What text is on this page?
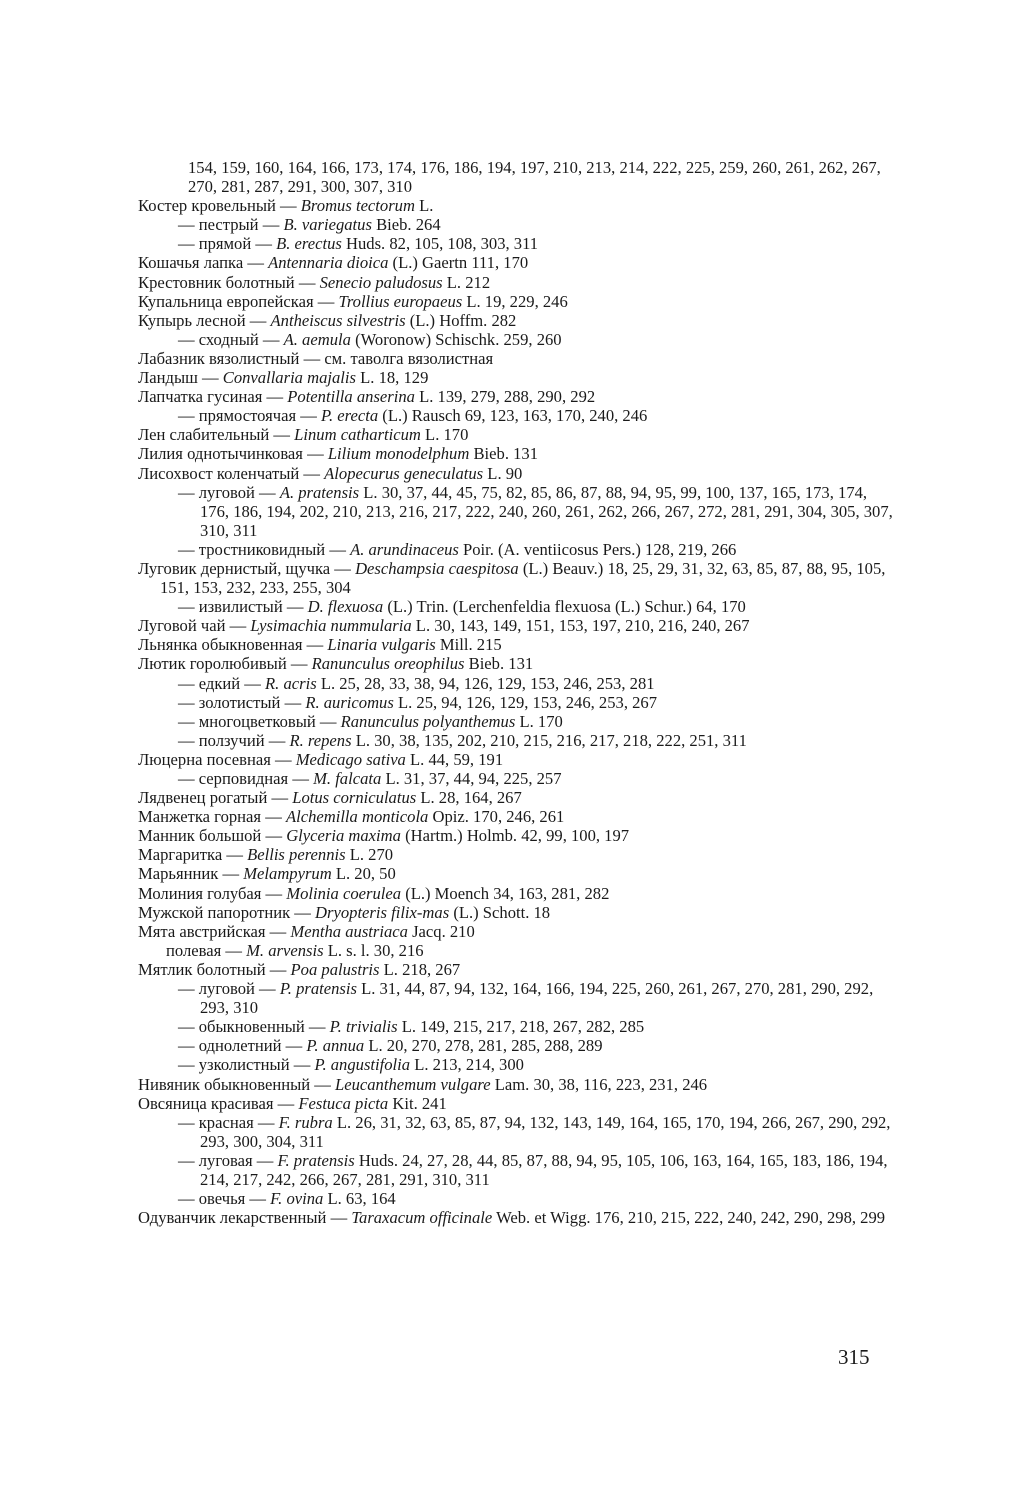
154, 159, 160, 164, 166, 173, 174, 176, 186, 194, 197, 210, 213, 214, 222, 225, 259, 260, 261, 262, 267, 270, 281, 287, 291, 300, 307, 310
Костер кровельный — Bromus tectorum L.
— пестрый — B. variegatus Bieb. 264
— прямой — B. erectus Huds. 82, 105, 108, 303, 311
Кошачья лапка — Antennaria dioica (L.) Gaertn 111, 170
Крестовник болотный — Senecio paludosus L. 212
Купальница европейская — Trollius europaeus L. 19, 229, 246
Купырь лесной — Antheiscus silvestris (L.) Hoffm. 282
— сходный — A. aemula (Woronow) Schischk. 259, 260
Лабазник вязолистный — см. таволга вязолистная
Ландыш — Convallaria majalis L. 18, 129
Лапчатка гусиная — Potentilla anserina L. 139, 279, 288, 290, 292
— прямостоячая — P. erecta (L.) Rausch 69, 123, 163, 170, 240, 246
Лен слабительный — Linum catharticum L. 170
Лилия однотычинковая — Lilium monodelphum Bieb. 131
Лисохвост коленчатый — Alopecurus geneculatus L. 90
— луговой — A. pratensis L. 30, 37, 44, 45, 75, 82, 85, 86, 87, 88, 94, 95, 99, 100, 137, 165, 173, 174, 176, 186, 194, 202, 210, 213, 216, 217, 222, 240, 260, 261, 262, 266, 267, 272, 281, 291, 304, 305, 307, 310, 311
— тростниковидный — A. arundinaceus Poir. (A. ventiicosus Pers.) 128, 219, 266
Луговик дернистый, щучка — Deschampsia caespitosa (L.) Beauv.) 18, 25, 29, 31, 32, 63, 85, 87, 88, 95, 105, 151, 153, 232, 233, 255, 304
— извилистый — D. flexuosa (L.) Trin. (Lerchenfeldia flexuosa (L.) Schur.) 64, 170
Луговой чай — Lysimachia nummularia L. 30, 143, 149, 151, 153, 197, 210, 216, 240, 267
Льнянка обыкновенная — Linaria vulgaris Mill. 215
Лютик горолюбивый — Ranunculus oreophilus Bieb. 131
— едкий — R. acris L. 25, 28, 33, 38, 94, 126, 129, 153, 246, 253, 281
— золотистый — R. auricomus L. 25, 94, 126, 129, 153, 246, 253, 267
— многоцветковый — Ranunculus polyanthemus L. 170
— ползучий — R. repens L. 30, 38, 135, 202, 210, 215, 216, 217, 218, 222, 251, 311
Люцерна посевная — Medicago sativa L. 44, 59, 191
— серповидная — M. falcata L. 31, 37, 44, 94, 225, 257
Лядвенец рогатый — Lotus corniculatus L. 28, 164, 267
Манжетка горная — Alchemilla monticola Opiz. 170, 246, 261
Манник большой — Glyceria maxima (Hartm.) Holmb. 42, 99, 100, 197
Маргаритка — Bellis perennis L. 270
Марьянник — Melampyrum L. 20, 50
Молиния голубая — Molinia coerulea (L.) Moench 34, 163, 281, 282
Мужской папоротник — Dryopteris filix-mas (L.) Schott. 18
Мята австрийская — Mentha austriaca Jacq. 210
полевая — M. arvensis L. s. l. 30, 216
Мятлик болотный — Poa palustris L. 218, 267
— луговой — P. pratensis L. 31, 44, 87, 94, 132, 164, 166, 194, 225, 260, 261, 267, 270, 281, 290, 292, 293, 310
— обыкновенный — P. trivialis L. 149, 215, 217, 218, 267, 282, 285
— однолетний — P. annua L. 20, 270, 278, 281, 285, 288, 289
— узколистный — P. angustifolia L. 213, 214, 300
Нивяник обыкновенный — Leucanthemum vulgare Lam. 30, 38, 116, 223, 231, 246
Овсяница красивая — Festuca picta Kit. 241
— красная — F. rubra L. 26, 31, 32, 63, 85, 87, 94, 132, 143, 149, 164, 165, 170, 194, 266, 267, 290, 292, 293, 300, 304, 311
— луговая — F. pratensis Huds. 24, 27, 28, 44, 85, 87, 88, 94, 95, 105, 106, 163, 164, 165, 183, 186, 194, 214, 217, 242, 266, 267, 281, 291, 310, 311
— овечья — F. ovina L. 63, 164
Одуванчик лекарственный — Taraxacum officinale Web. et Wigg. 176, 210, 215, 222, 240, 242, 290, 298, 299
315
